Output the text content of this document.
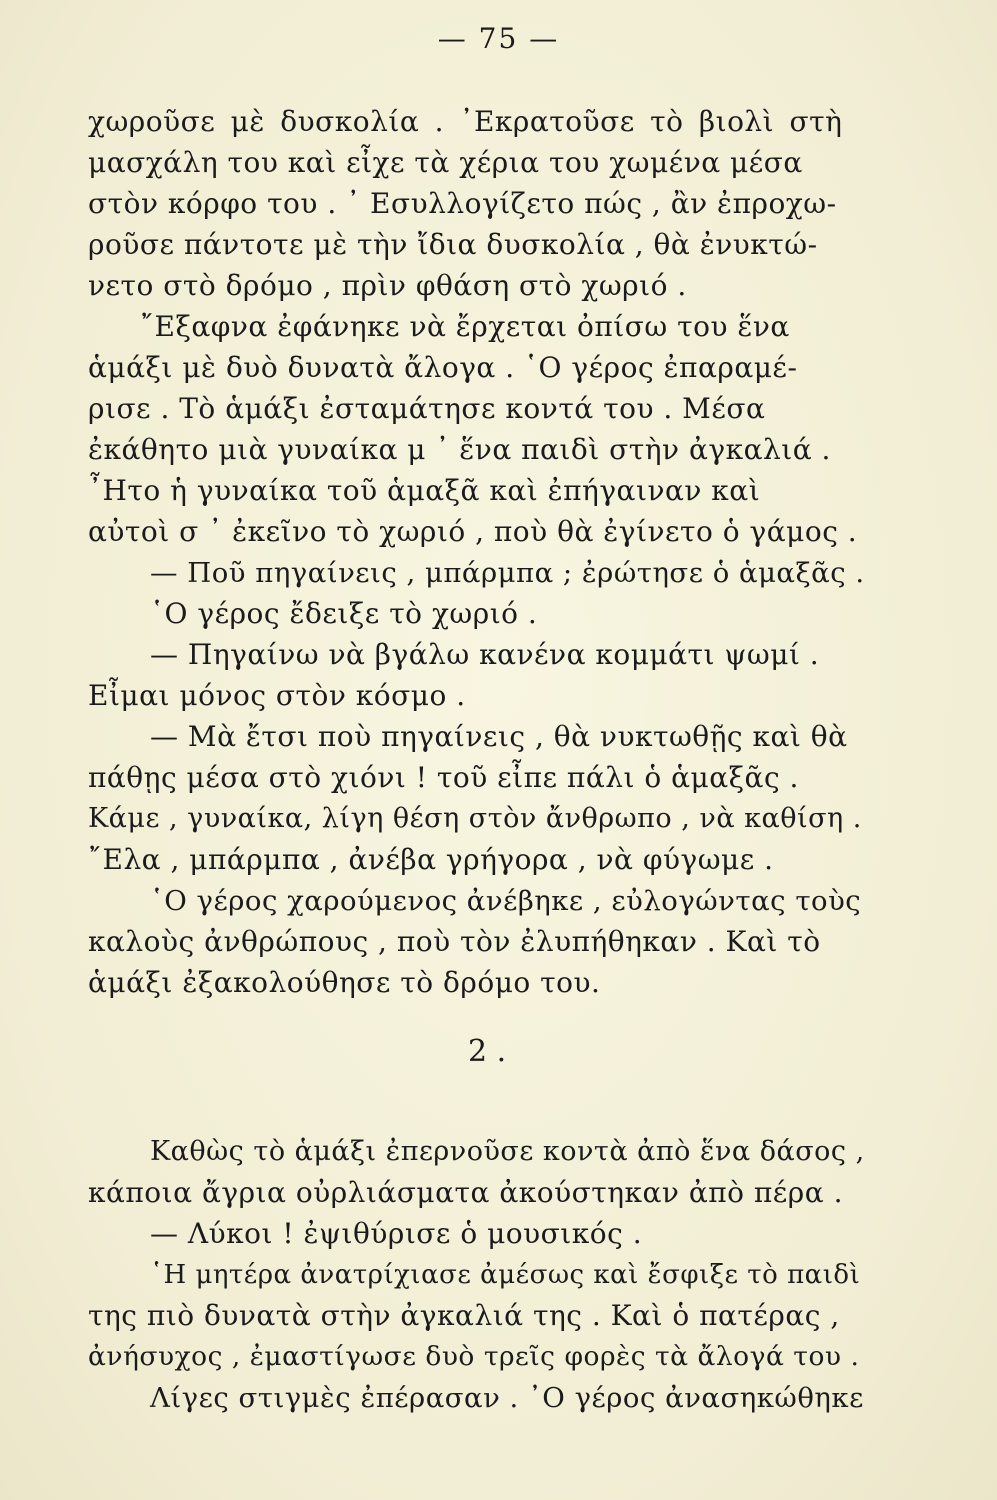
— 75 —
χωροῦσε μὲ δυσκολία . ᾿Εκρατοῦσε τὸ βιολὶ στὴ
μασχάλη του καὶ εἶχε τὰ χέρια του χωμένα μέσα
στὸν κόρφο του . ᾿ Εσυλλογίζετο πώς , ἂν ἐπροχω-
ροῦσε πάντοτε μὲ τὴν ἴδια δυσκολία , θὰ ἐνυκτώ-
νετο στὸ δρόμο , πρὶν φθάση στὸ χωριό .
῎Εξαφνα ἐφάνηκε νὰ ἔρχεται ὀπίσω του ἕνα
ἁμάξι μὲ δυὸ δυνατὰ ἄλογα . ῾Ο γέρος ἐπαραμέ-
ρισε . Τὸ ἁμάξι ἐσταμάτησε κοντά του . Μέσα
ἐκάθητο μιὰ γυναίκα μ ᾿ ἕνα παιδὶ στὴν ἀγκαλιά .
῏Ητο ἡ γυναίκα τοῦ ἁμαξᾶ καὶ ἐπήγαιναν καὶ
αὐτοὶ σ ᾿ ἐκεῖνο τὸ χωριό , ποὺ θὰ ἐγίνετο ὁ γάμος .
— Ποῦ πηγαίνεις , μπάρμπα ; ἐρώτησε ὁ ἁμαξᾶς .
῾Ο γέρος ἔδειξε τὸ χωριό .
— Πηγαίνω νὰ βγάλω κανένα κομμάτι ψωμί .
Εἶμαι μόνος στὸν κόσμο .
— Μὰ ἔτσι ποὺ πηγαίνεις , θὰ νυκτωθῇς καὶ θὰ
πάθῃς μέσα στὸ χιόνι ! τοῦ εἶπε πάλι ὁ ἁμαξᾶς .
Κάμε , γυναίκα, λίγη θέση στὸν ἄνθρωπο , νὰ καθίση .
῎Ελα , μπάρμπα , ἀνέβα γρήγορα , νὰ φύγωμε .
῾Ο γέρος χαρούμενος ἀνέβηκε , εὐλογώντας τοὺς
καλοὺς ἀνθρώπους , ποὺ τὸν ἐλυπήθηκαν . Καὶ τὸ
ἁμάξι ἐξακολούθησε τὸ δρόμο του.
2 .
Καθὼς τὸ ἁμάξι ἐπερνοῦσε κοντὰ ἀπὸ ἕνα δάσος ,
κάποια ἄγρια οὐρλιάσματα ἀκούστηκαν ἀπὸ πέρα .
— Λύκοι ! ἐψιθύρισε ὁ μουσικός .
῾Η μητέρα ἀνατρίχιασε ἀμέσως καὶ ἔσφιξε τὸ παιδὶ
της πιὸ δυνατὰ στὴν ἀγκαλιά της . Καὶ ὁ πατέρας ,
ἀνήσυχος , ἐμαστίγωσε δυὸ τρεῖς φορὲς τὰ ἄλογά του .
Λίγες στιγμὲς ἐπέρασαν . ᾿Ο γέρος ἀνασηκώθηκε
